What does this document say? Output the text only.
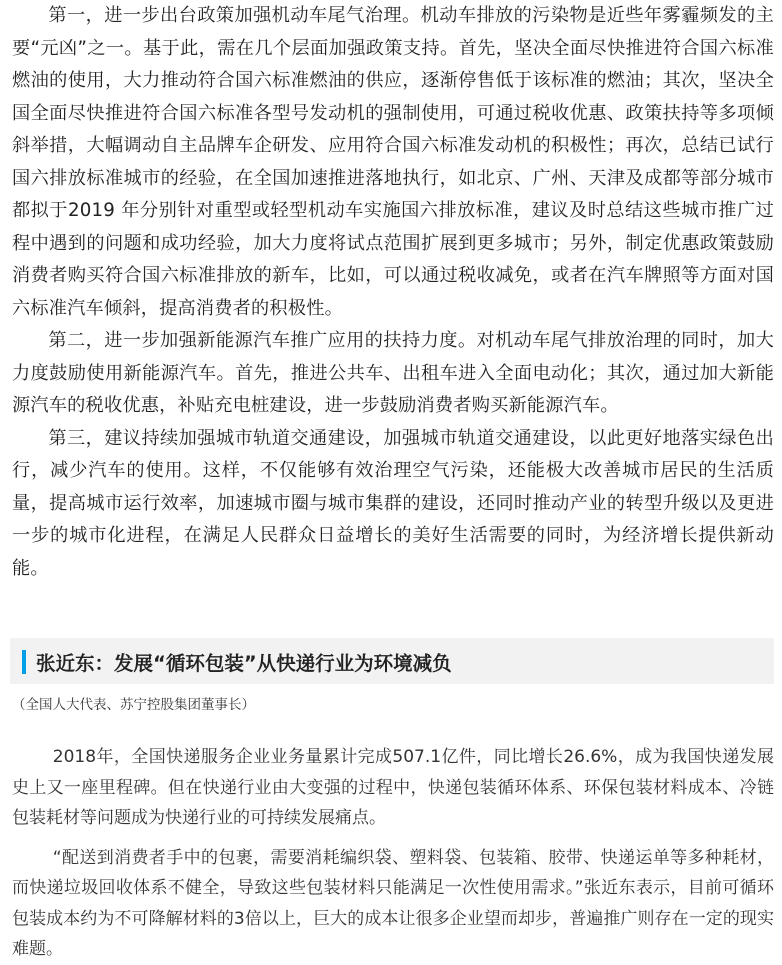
第一，进一步出台政策加强机动车尾气治理。机动车排放的污染物是近些年雾霾频发的主要“元凶”之一。基于此，需在几个层面加强政策支持。首先，坚决全面尽快推进符合国六标准燃油的使用，大力推动符合国六标准燃油的供应，逐渐停售低于该标准的燃油；其次，坚决全国全面尽快推进符合国六标准各型号发动机的强制使用，可通过税收优惠、政策扶持等多项倾斜举措，大幅调动自主品牌车企研发、应用符合国六标准发动机的积极性；再次，总结已试行国六排放标准城市的经验，在全国加速推进落地执行，如北京、广州、天津及成都等部分城市都拟于2019 年分别针对重型或轻型机动车实施国六排放标准，建议及时总结这些城市推广过程中遇到的问题和成功经验，加大力度将试点范围扩展到更多城市；另外，制定优惠政策鼓励消费者购买符合国六标准排放的新车，比如，可以通过税收减免，或者在汽车牌照等方面对国六标准汽车倾斜，提高消费者的积极性。

第二，进一步加强新能源汽车推广应用的扶持力度。对机动车尾气排放治理的同时，加大力度鼓励使用新能源汽车。首先，推进公共车、出租车进入全面电动化；其次，通过加大新能源汽车的税收优惠，补贴充电桩建设，进一步鼓励消费者购买新能源汽车。

第三，建议持续加强城市轨道交通建设，加强城市轨道交通建设，以此更好地落实绿色出行，减少汽车的使用。这样，不仅能够有效治理空气污染，还能极大改善城市居民的生活质量，提高城市运行效率，加速城市圈与城市集群的建设，还同时推动产业的转型升级以及更进一步的城市化进程，在满足人民群众日益增长的美好生活需要的同时，为经济增长提供新动能。

张近东：发展“循环包装”从快递行业为环境减负
（全国人大代表、苏宁控股集团董事长）

2018年，全国快递服务企业业务量累计完成507.1亿件，同比增长26.6%，成为我国快递发展史上又一座里程碑。但在快递行业由大变强的过程中，快递包装循环体系、环保包装材料成本、冷链包装耗材等问题成为快递行业的可持续发展痛点。

“配送到消费者手中的包裹，需要消耗编织袋、塑料袋、包装箱、胶带、快递运单等多种耗材，而快递垃圾回收体系不健全，导致这些包装材料只能满足一次性使用需求。”张近东表示，目前可循环包装成本约为不可降解材料的3倍以上，巨大的成本让很多企业望而却步，普遍推广则存在一定的现实难题。
